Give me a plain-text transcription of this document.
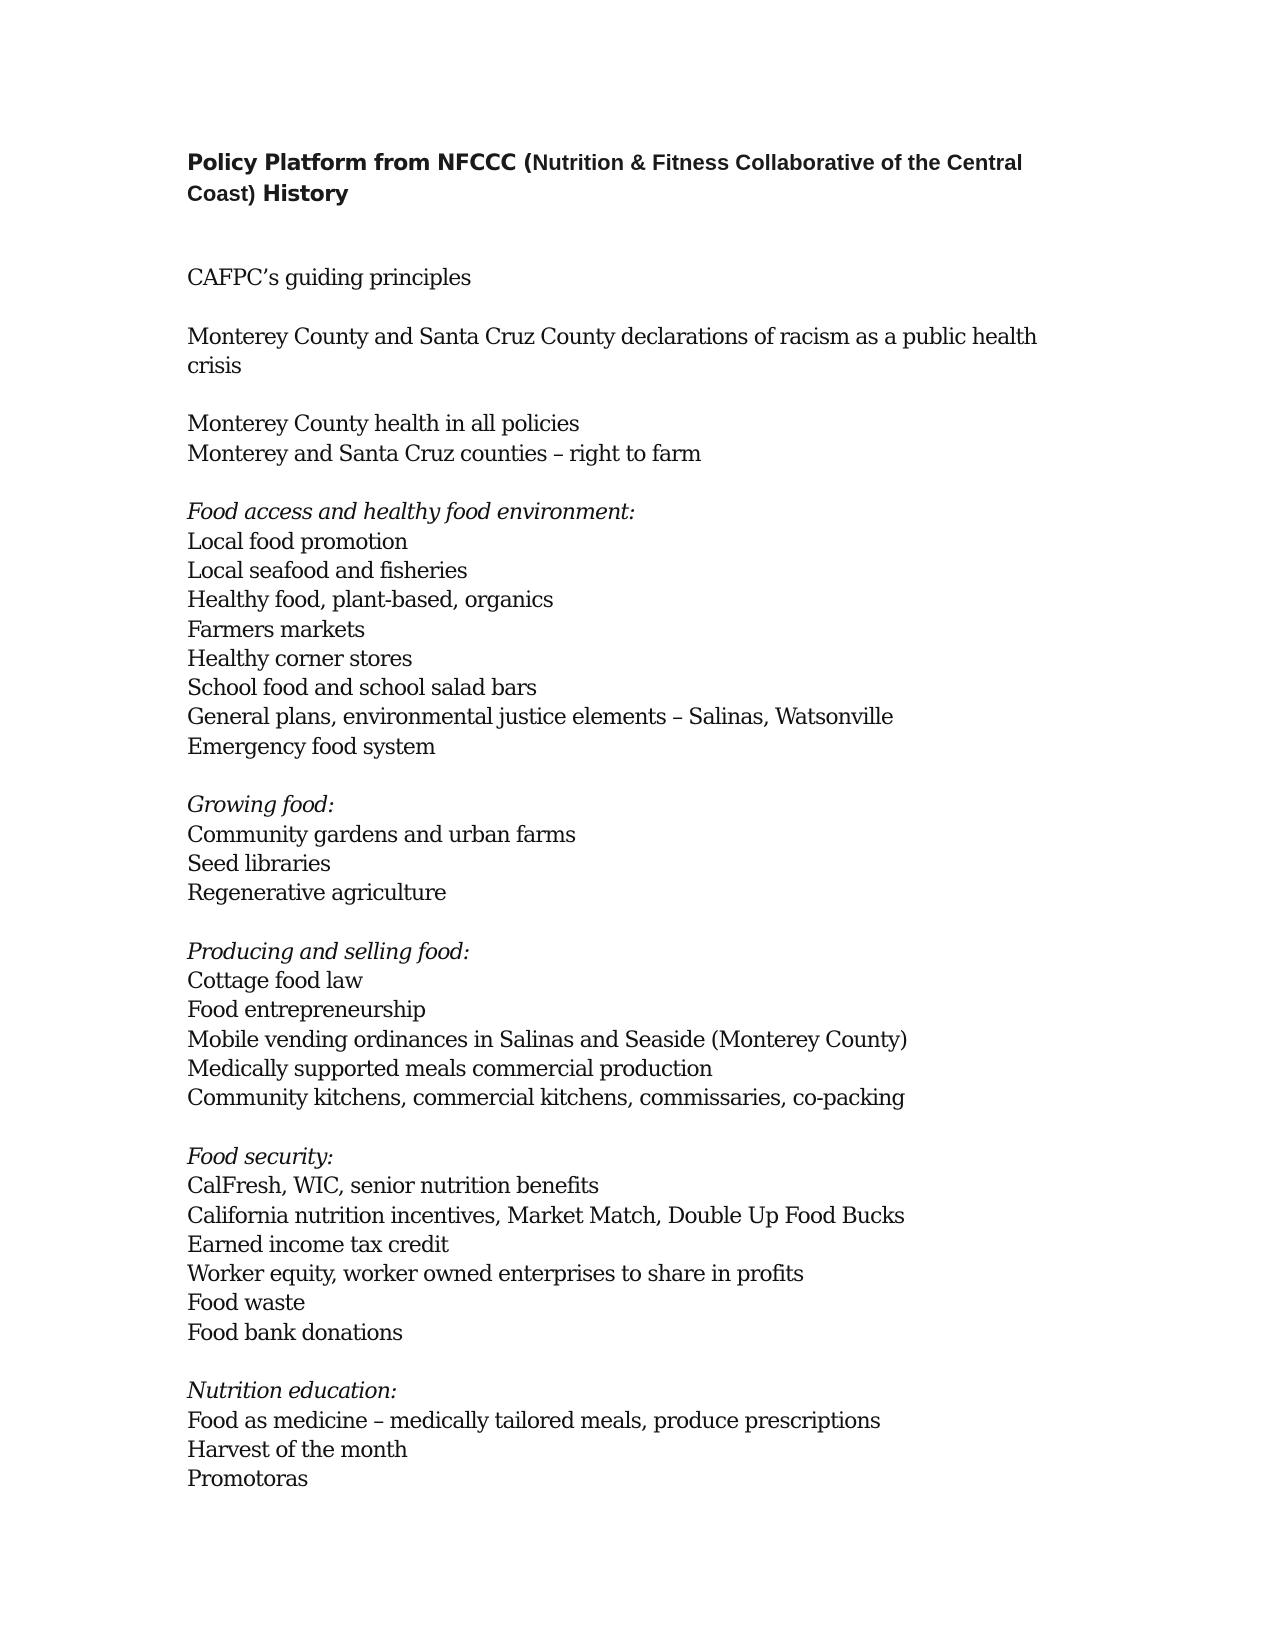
Policy Platform from NFCCC (Nutrition & Fitness Collaborative of the Central Coast) History
CAFPC’s guiding principles
Monterey County and Santa Cruz County declarations of racism as a public health crisis
Monterey County health in all policies
Monterey and Santa Cruz counties – right to farm
Food access and healthy food environment:
Local food promotion
Local seafood and fisheries
Healthy food, plant-based, organics
Farmers markets
Healthy corner stores
School food and school salad bars
General plans, environmental justice elements – Salinas, Watsonville
Emergency food system
Growing food:
Community gardens and urban farms
Seed libraries
Regenerative agriculture
Producing and selling food:
Cottage food law
Food entrepreneurship
Mobile vending ordinances in Salinas and Seaside (Monterey County)
Medically supported meals commercial production
Community kitchens, commercial kitchens, commissaries, co-packing
Food security:
CalFresh, WIC, senior nutrition benefits
California nutrition incentives, Market Match, Double Up Food Bucks
Earned income tax credit
Worker equity, worker owned enterprises to share in profits
Food waste
Food bank donations
Nutrition education:
Food as medicine – medically tailored meals, produce prescriptions
Harvest of the month
Promotoras
